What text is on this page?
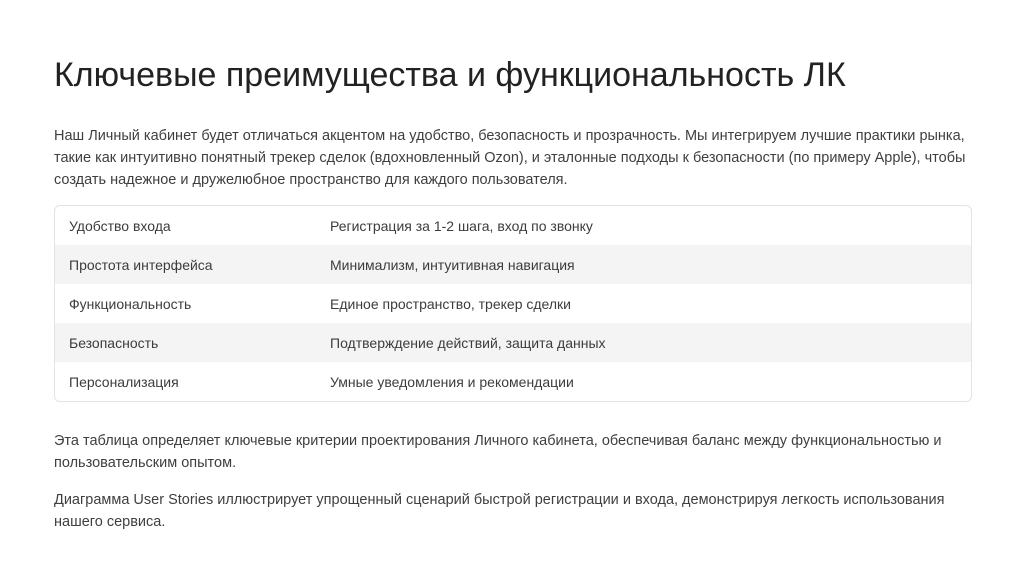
Ключевые преимущества и функциональность ЛК

Наш Личный кабинет будет отличаться акцентом на удобство, безопасность и прозрачность. Мы интегрируем лучшие практики рынка, такие как интуитивно понятный трекер сделок (вдохновленный Ozon), и эталонные подходы к безопасности (по примеру Apple), чтобы создать надежное и дружелюбное пространство для каждого пользователя.

Удобство входа	Регистрация за 1-2 шага, вход по звонку
Простота интерфейса	Минимализм, интуитивная навигация
Функциональность	Единое пространство, трекер сделки
Безопасность	Подтверждение действий, защита данных
Персонализация	Умные уведомления и рекомендации

Эта таблица определяет ключевые критерии проектирования Личного кабинета, обеспечивая баланс между функциональностью и пользовательским опытом.

Диаграмма User Stories иллюстрирует упрощенный сценарий быстрой регистрации и входа, демонстрируя легкость использования нашего сервиса.
